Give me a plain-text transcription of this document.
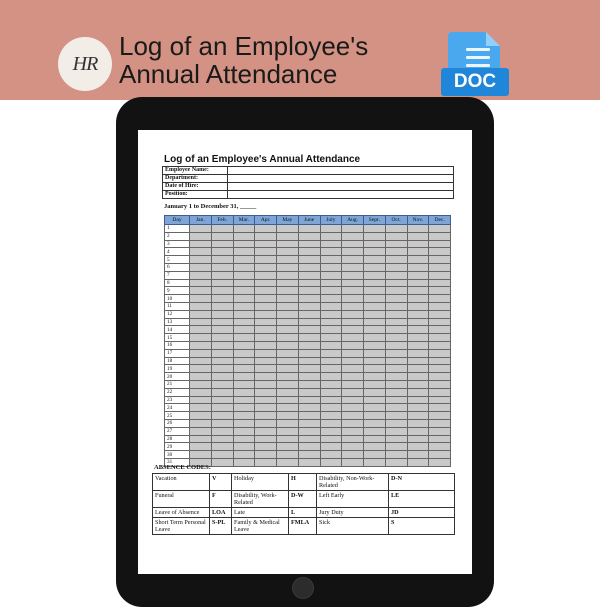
HR
Log of an Employee's
Annual Attendance	DOC
Log of an Employee's Annual Attendance
Employee Name:	
Department:	
Date of Hire:	
Position:	
January 1 to December 31, _____
Day	Jan.	Feb.	Mar.	Apr.	May	June	July	Aug.	Sept.	Oct.	Nov.	Dec.
1												
2												
3												
4												
5												
6												
7												
8												
9												
10												
11												
12												
13												
14												
15												
16												
17												
18												
19												
20												
21												
22												
23												
24												
25												
26												
27												
28												
29												
30												
31												
ABSENCE CODES:
Vacation	V	Holiday	H	Disability, Non-Work-Related	D-N
Funeral	F	Disability, Work-Related	D-W	Left Early	LE
Leave of Absence	LOA	Late	L	Jury Duty	JD
Short Term Personal Leave	S-PL	Family & Medical Leave	FMLA	Sick	S
